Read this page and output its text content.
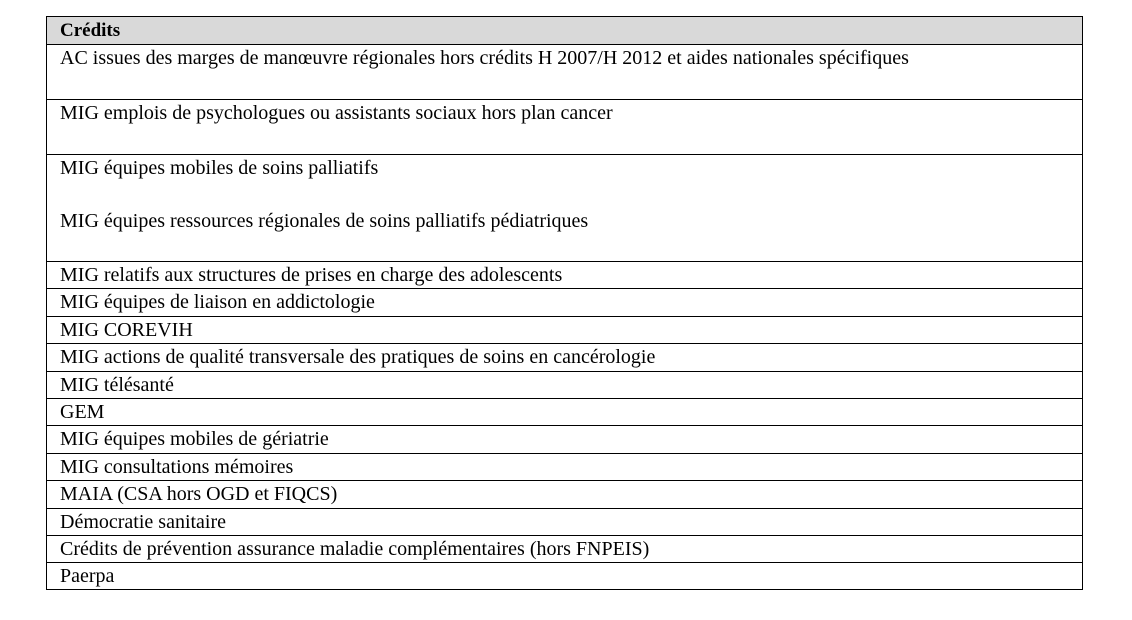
Crédits
AC issues des marges de manœuvre régionales hors crédits H 2007/H 2012 et aides nationales spécifiques
MIG emplois de psychologues ou assistants sociaux hors plan cancer
MIG équipes mobiles de soins palliatifs
MIG équipes ressources régionales de soins palliatifs pédiatriques
MIG relatifs aux structures de prises en charge des adolescents
MIG équipes de liaison en addictologie
MIG COREVIH
MIG actions de qualité transversale des pratiques de soins en cancérologie
MIG télésanté
GEM
MIG équipes mobiles de gériatrie
MIG consultations mémoires
MAIA (CSA hors OGD et FIQCS)
Démocratie sanitaire
Crédits de prévention assurance maladie complémentaires (hors FNPEIS)
Paerpa
